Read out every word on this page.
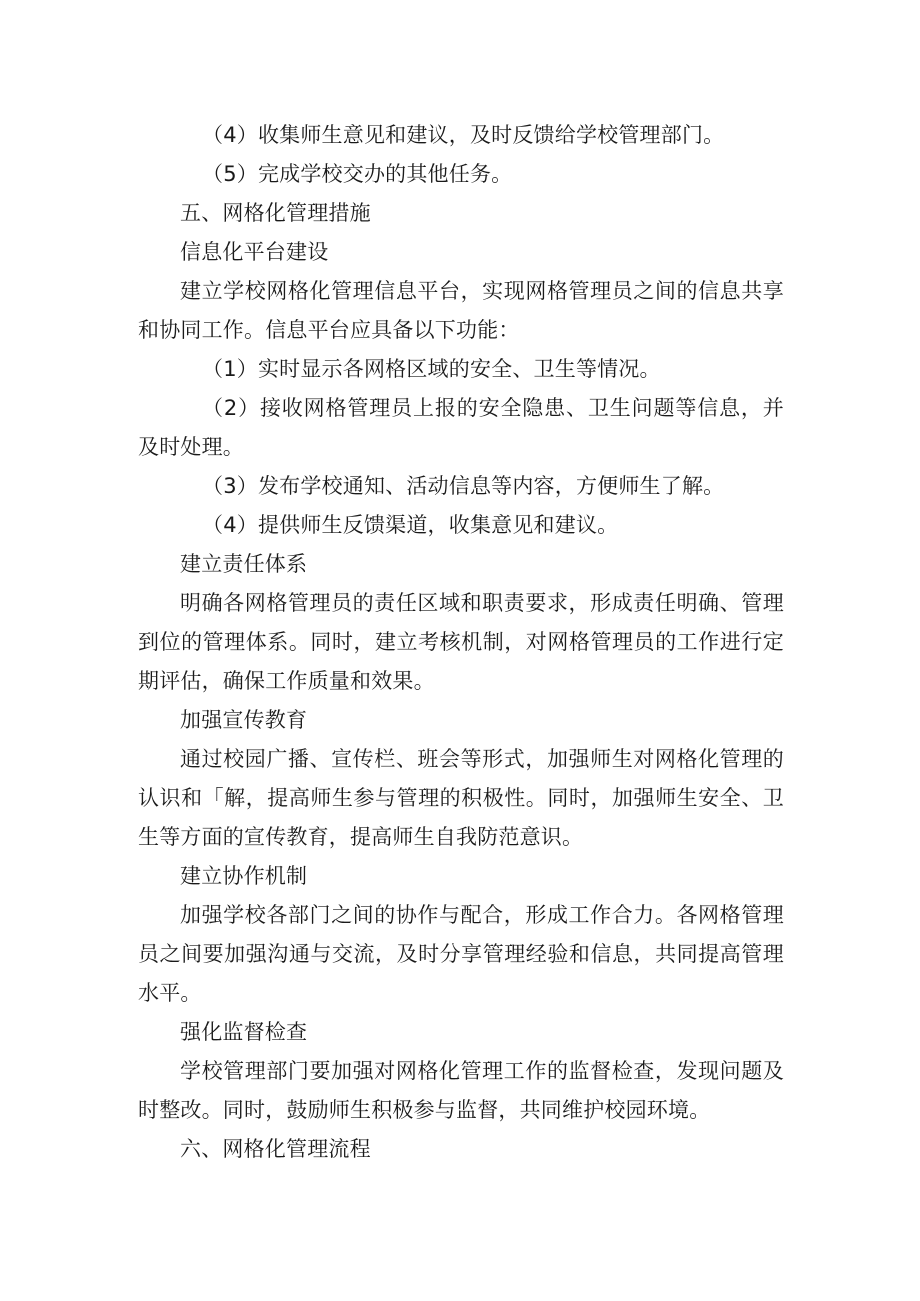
（4）收集师生意见和建议，及时反馈给学校管理部门。

（5）完成学校交办的其他任务。

五、网格化管理措施

信息化平台建设

建立学校网格化管理信息平台，实现网格管理员之间的信息共享和协同工作。信息平台应具备以下功能：

（1）实时显示各网格区域的安全、卫生等情况。

（2）接收网格管理员上报的安全隐患、卫生问题等信息，并及时处理。

（3）发布学校通知、活动信息等内容，方便师生了解。

（4）提供师生反馈渠道，收集意见和建议。

建立责任体系

明确各网格管理员的责任区域和职责要求，形成责任明确、管理到位的管理体系。同时，建立考核机制，对网格管理员的工作进行定期评估，确保工作质量和效果。

加强宣传教育

通过校园广播、宣传栏、班会等形式，加强师生对网格化管理的认识和「解，提高师生参与管理的积极性。同时，加强师生安全、卫生等方面的宣传教育，提高师生自我防范意识。

建立协作机制

加强学校各部门之间的协作与配合，形成工作合力。各网格管理员之间要加强沟通与交流，及时分享管理经验和信息，共同提高管理水平。

强化监督检查

学校管理部门要加强对网格化管理工作的监督检查，发现问题及时整改。同时，鼓励师生积极参与监督，共同维护校园环境。

六、网格化管理流程
